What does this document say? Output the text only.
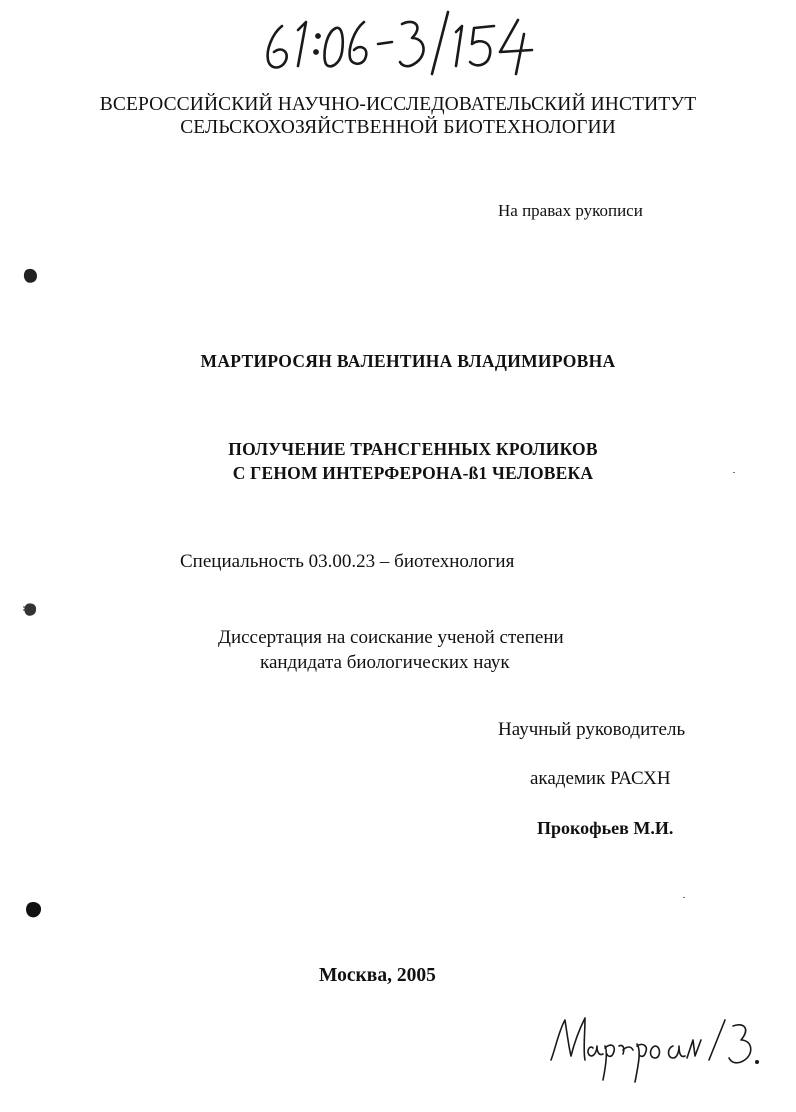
ВСЕРОССИЙСКИЙ НАУЧНО-ИССЛЕДОВАТЕЛЬСКИЙ ИНСТИТУТ
СЕЛЬСКОХОЗЯЙСТВЕННОЙ БИОТЕХНОЛОГИИ
На правах рукописи
МАРТИРОСЯН ВАЛЕНТИНА ВЛАДИМИРОВНА
ПОЛУЧЕНИЕ ТРАНСГЕННЫХ КРОЛИКОВ
С ГЕНОМ ИНТЕРФЕРОНА-ß1 ЧЕЛОВЕКА
Специальность 03.00.23 – биотехнология
Диссертация на соискание ученой степени
кандидата биологических наук
Научный руководитель
академик РАСХН
Прокофьев М.И.
Москва, 2005
